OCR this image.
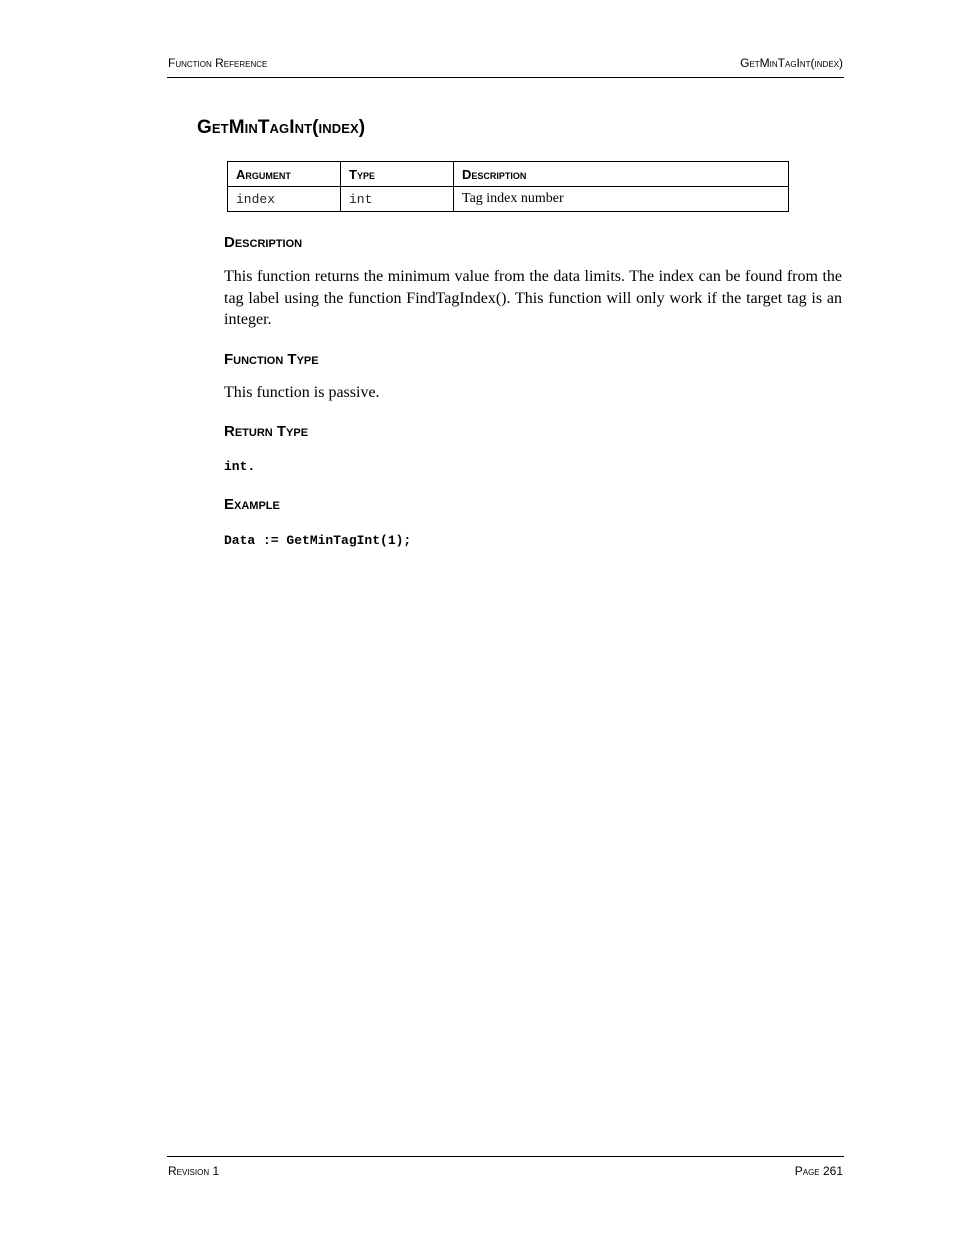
Function Reference	GetMinTagInt(index)
GetMinTagInt(index)
Argument	Type	Description
index	int	Tag index number
Description

This function returns the minimum value from the data limits. The index can be found from the tag label using the function FindTagIndex(). This function will only work if the target tag is an integer.

Function Type

This function is passive.

Return Type
int.
Example
Data := GetMinTagInt(1);
Revision 1	Page 261
